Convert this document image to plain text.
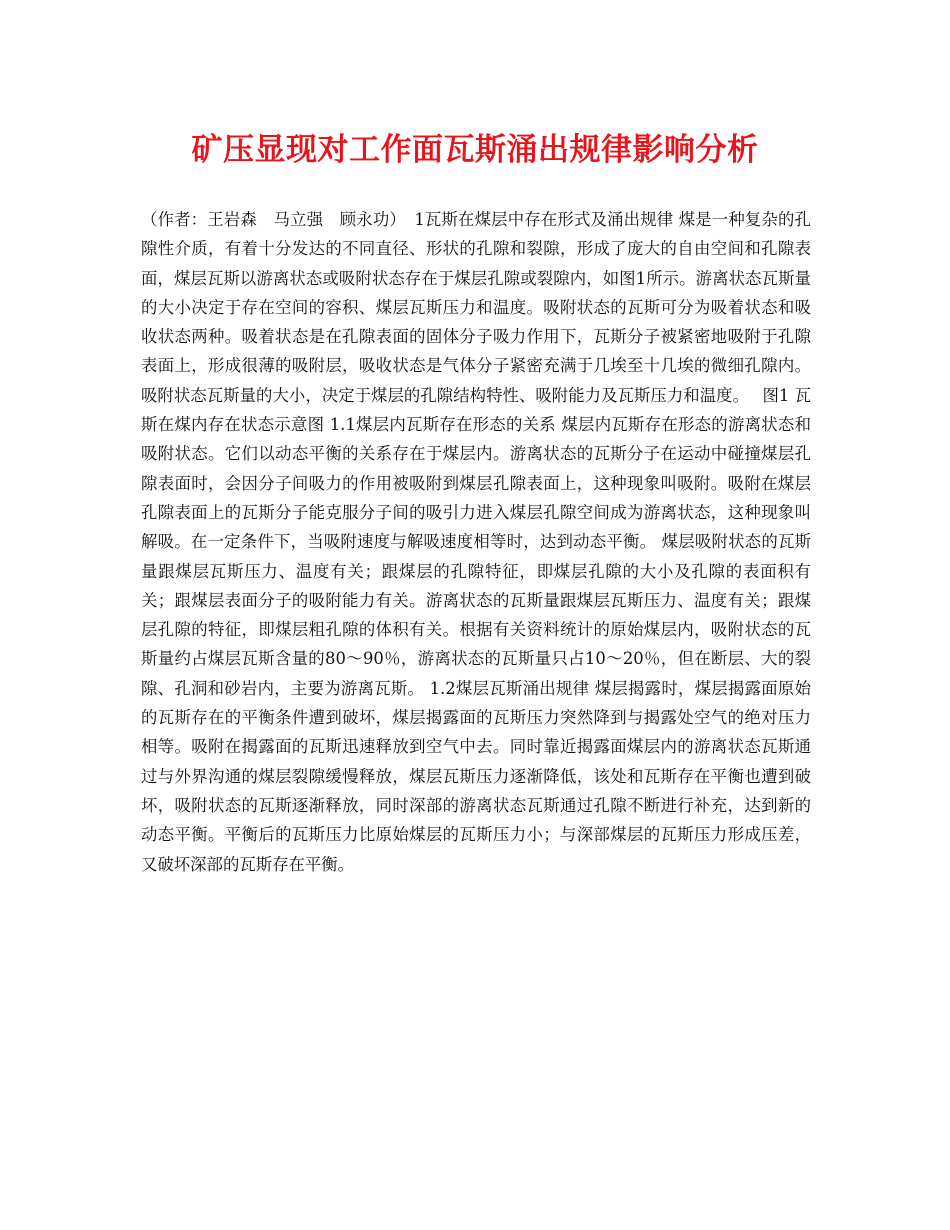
矿压显现对工作面瓦斯涌出规律影响分析

（作者：王岩森　马立强　顾永功）　1瓦斯在煤层中存在形式及涌出规律 煤是一种复杂的孔隙性介质，有着十分发达的不同直径、形状的孔隙和裂隙，形成了庞大的自由空间和孔隙表面，煤层瓦斯以游离状态或吸附状态存在于煤层孔隙或裂隙内，如图1所示。游离状态瓦斯量的大小决定于存在空间的容积、煤层瓦斯压力和温度。吸附状态的瓦斯可分为吸着状态和吸收状态两种。吸着状态是在孔隙表面的固体分子吸力作用下，瓦斯分子被紧密地吸附于孔隙表面上，形成很薄的吸附层，吸收状态是气体分子紧密充满于几埃至十几埃的微细孔隙内。吸附状态瓦斯量的大小，决定于煤层的孔隙结构特性、吸附能力及瓦斯压力和温度。　 图1 瓦斯在煤内存在状态示意图 1.1煤层内瓦斯存在形态的关系 煤层内瓦斯存在形态的游离状态和吸附状态。它们以动态平衡的关系存在于煤层内。游离状态的瓦斯分子在运动中碰撞煤层孔隙表面时，会因分子间吸力的作用被吸附到煤层孔隙表面上，这种现象叫吸附。吸附在煤层孔隙表面上的瓦斯分子能克服分子间的吸引力进入煤层孔隙空间成为游离状态，这种现象叫解吸。在一定条件下，当吸附速度与解吸速度相等时，达到动态平衡。 煤层吸附状态的瓦斯量跟煤层瓦斯压力、温度有关；跟煤层的孔隙特征，即煤层孔隙的大小及孔隙的表面积有关；跟煤层表面分子的吸附能力有关。游离状态的瓦斯量跟煤层瓦斯压力、温度有关；跟煤层孔隙的特征，即煤层粗孔隙的体积有关。根据有关资料统计的原始煤层内，吸附状态的瓦斯量约占煤层瓦斯含量的80～90％，游离状态的瓦斯量只占10～20％，但在断层、大的裂隙、孔洞和砂岩内，主要为游离瓦斯。 1.2煤层瓦斯涌出规律 煤层揭露时，煤层揭露面原始的瓦斯存在的平衡条件遭到破坏，煤层揭露面的瓦斯压力突然降到与揭露处空气的绝对压力相等。吸附在揭露面的瓦斯迅速释放到空气中去。同时靠近揭露面煤层内的游离状态瓦斯通过与外界沟通的煤层裂隙缓慢释放，煤层瓦斯压力逐渐降低，该处和瓦斯存在平衡也遭到破坏，吸附状态的瓦斯逐渐释放，同时深部的游离状态瓦斯通过孔隙不断进行补充，达到新的动态平衡。平衡后的瓦斯压力比原始煤层的瓦斯压力小；与深部煤层的瓦斯压力形成压差，又破坏深部的瓦斯存在平衡。
